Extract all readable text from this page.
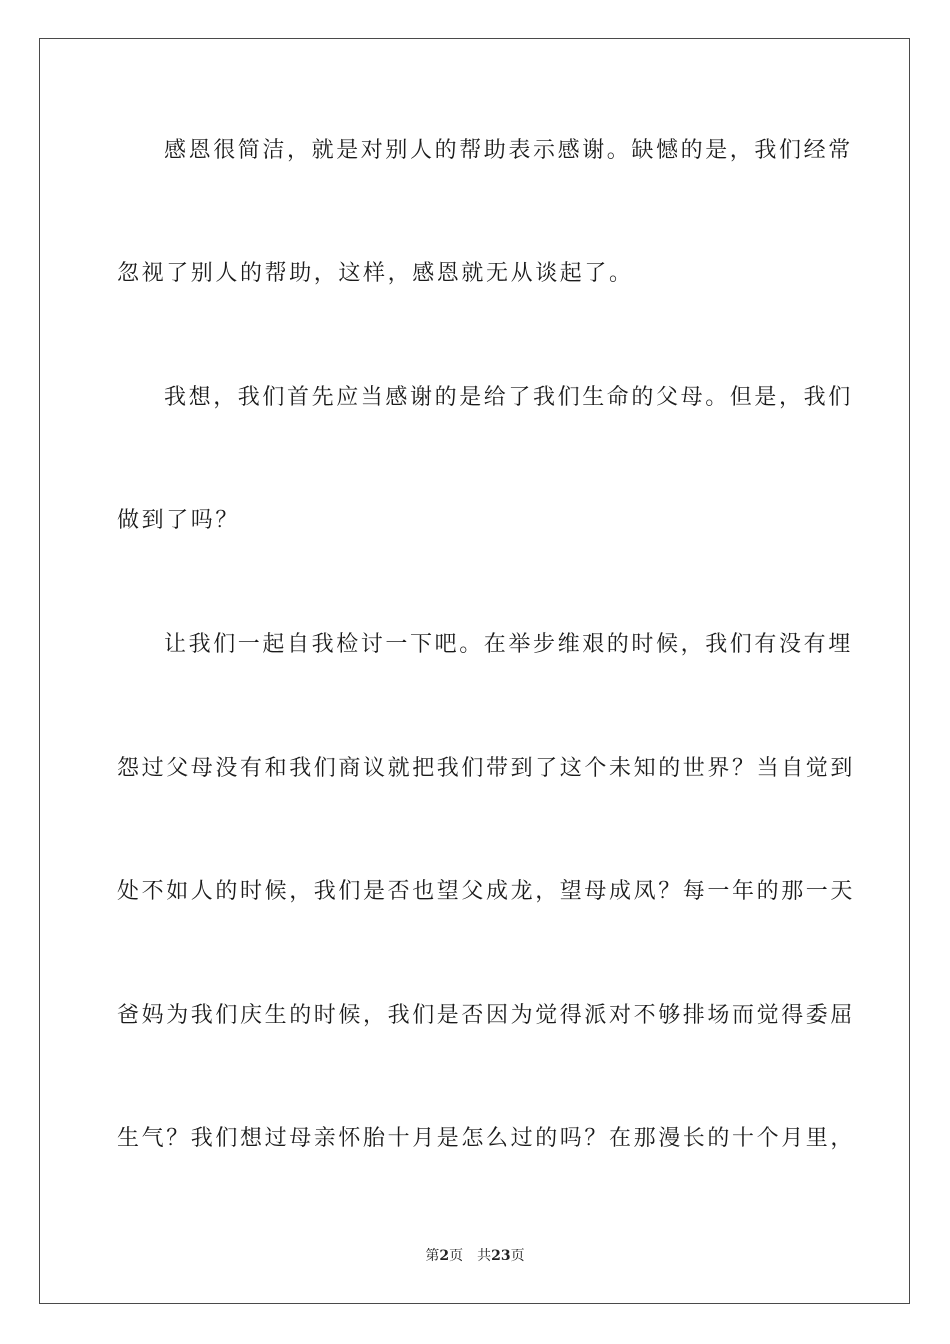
感恩很简洁，就是对别人的帮助表示感谢。缺憾的是，我们经常
忽视了别人的帮助，这样，感恩就无从谈起了。
我想，我们首先应当感谢的是给了我们生命的父母。但是，我们
做到了吗？
让我们一起自我检讨一下吧。在举步维艰的时候，我们有没有埋
怨过父母没有和我们商议就把我们带到了这个未知的世界？当自觉到
处不如人的时候，我们是否也望父成龙，望母成凤？每一年的那一天
爸妈为我们庆生的时候，我们是否因为觉得派对不够排场而觉得委屈
生气？我们想过母亲怀胎十月是怎么过的吗？在那漫长的十个月里，
第2页 共23页
